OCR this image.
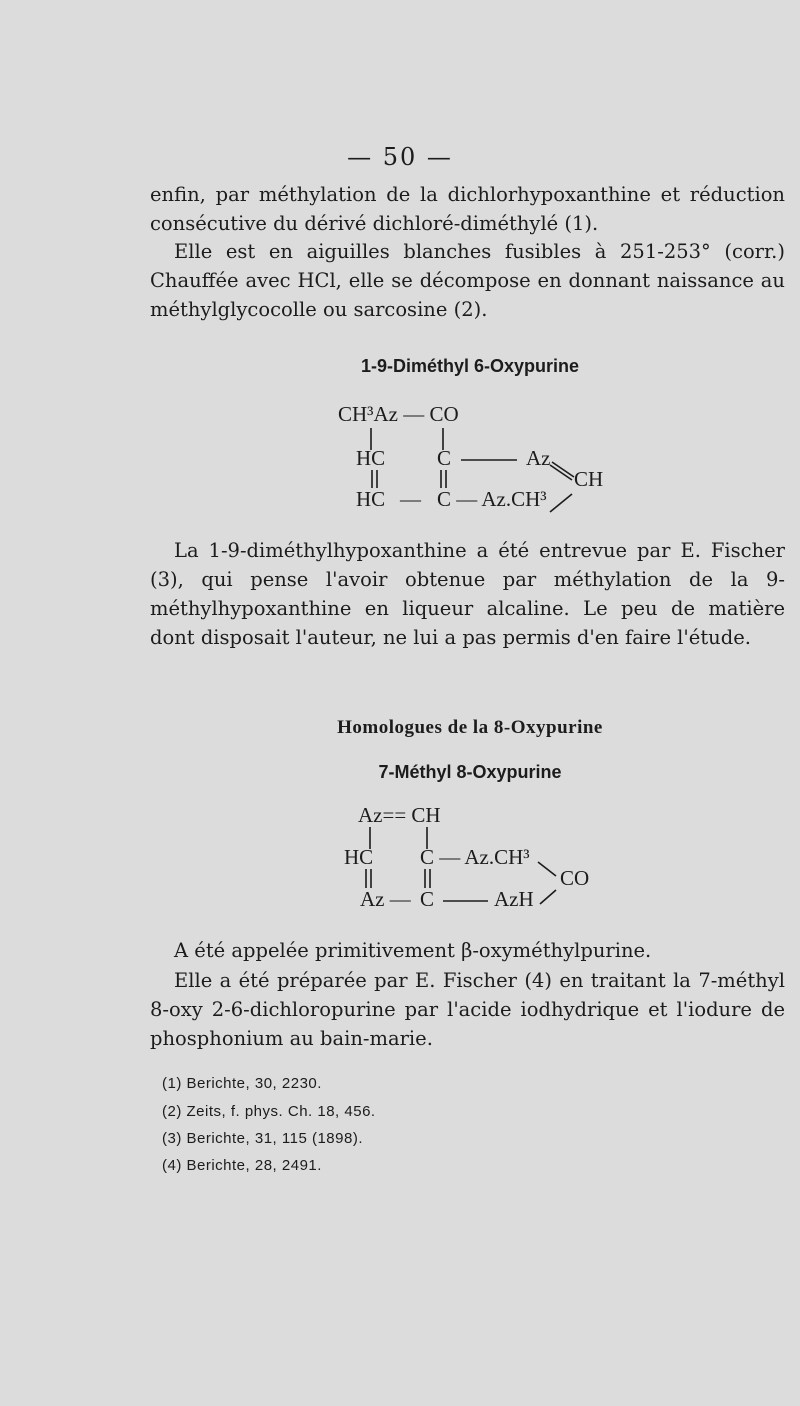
— 50 —

enfin, par méthylation de la dichlorhypoxanthine et réduction consécutive du dérivé dichloré-diméthylé (1).

Elle est en aiguilles blanches fusibles à 251-253° (corr.) Chauffée avec HCl, elle se décompose en donnant naissance au méthylglycocolle ou sarcosine (2).

1-9-Diméthyl 6-Oxypurine
CH³Az — CO
HC C	Az
CH
HC — C — Az.CH³

La 1-9-diméthylhypoxanthine a été entrevue par E. Fischer (3), qui pense l'avoir obtenue par méthylation de la 9-méthylhypoxanthine en liqueur alcaline. Le peu de matière dont disposait l'auteur, ne lui a pas permis d'en faire l'étude.

Homologues de la 8-Oxypurine
7-Méthyl 8-Oxypurine
Az== CH
HC C — Az.CH³
CO
Az — C	AzH

A été appelée primitivement β-oxyméthylpurine.

Elle a été préparée par E. Fischer (4) en traitant la 7-méthyl 8-oxy 2-6-dichloropurine par l'acide iodhydrique et l'iodure de phosphonium au bain-marie.

(1) Berichte, 30, 2230.
(2) Zeits, f. phys. Ch. 18, 456.
(3) Berichte, 31, 115 (1898).
(4) Berichte, 28, 2491.
